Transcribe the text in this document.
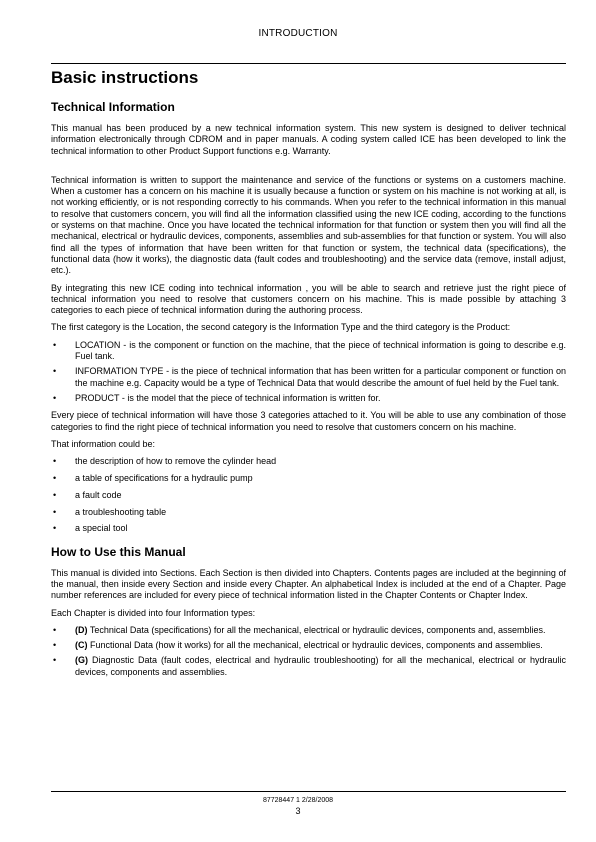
INTRODUCTION
Basic instructions
Technical Information

This manual has been produced by a new technical information system. This new system is designed to deliver technical information electronically through CDROM and in paper manuals. A coding system called ICE has been developed to link the technical information to other Product Support functions e.g. Warranty.

Technical information is written to support the maintenance and service of the functions or systems on a customers machine. When a customer has a concern on his machine it is usually because a function or system on his machine is not working at all, is not working efficiently, or is not responding correctly to his commands. When you refer to the technical information in this manual to resolve that customers concern, you will find all the information classified using the new ICE coding, according to the functions or systems on that machine. Once you have located the technical information for that function or system then you will find all the mechanical, electrical or hydraulic devices, components, assemblies and sub-assemblies for that function or system. You will also find all the types of information that have been written for that function or system, the technical data (specifications), the functional data (how it works), the diagnostic data (fault codes and troubleshooting) and the service data (remove, install adjust, etc.).

By integrating this new ICE coding into technical information , you will be able to search and retrieve just the right piece of technical information you need to resolve that customers concern on his machine. This is made possible by attaching 3 categories to each piece of technical information during the authoring process.

The first category is the Location, the second category is the Information Type and the third category is the Product:

• LOCATION - is the component or function on the machine, that the piece of technical information is going to describe e.g. Fuel tank.
• INFORMATION TYPE - is the piece of technical information that has been written for a particular component or function on the machine e.g. Capacity would be a type of Technical Data that would describe the amount of fuel held by the Fuel tank.
• PRODUCT - is the model that the piece of technical information is written for.

Every piece of technical information will have those 3 categories attached to it. You will be able to use any combination of those categories to find the right piece of technical information you need to resolve that customers concern on his machine.

That information could be:

• the description of how to remove the cylinder head
• a table of specifications for a hydraulic pump
• a fault code
• a troubleshooting table
• a special tool
How to Use this Manual

This manual is divided into Sections. Each Section is then divided into Chapters. Contents pages are included at the beginning of the manual, then inside every Section and inside every Chapter. An alphabetical Index is included at the end of a Chapter. Page number references are included for every piece of technical information listed in the Chapter Contents or Chapter Index.

Each Chapter is divided into four Information types:

• (D) Technical Data (specifications) for all the mechanical, electrical or hydraulic devices, components and, assemblies.
• (C) Functional Data (how it works) for all the mechanical, electrical or hydraulic devices, components and assemblies.
• (G) Diagnostic Data (fault codes, electrical and hydraulic troubleshooting) for all the mechanical, electrical or hydraulic devices, components and assemblies.
87728447 1 2/28/2008
3
